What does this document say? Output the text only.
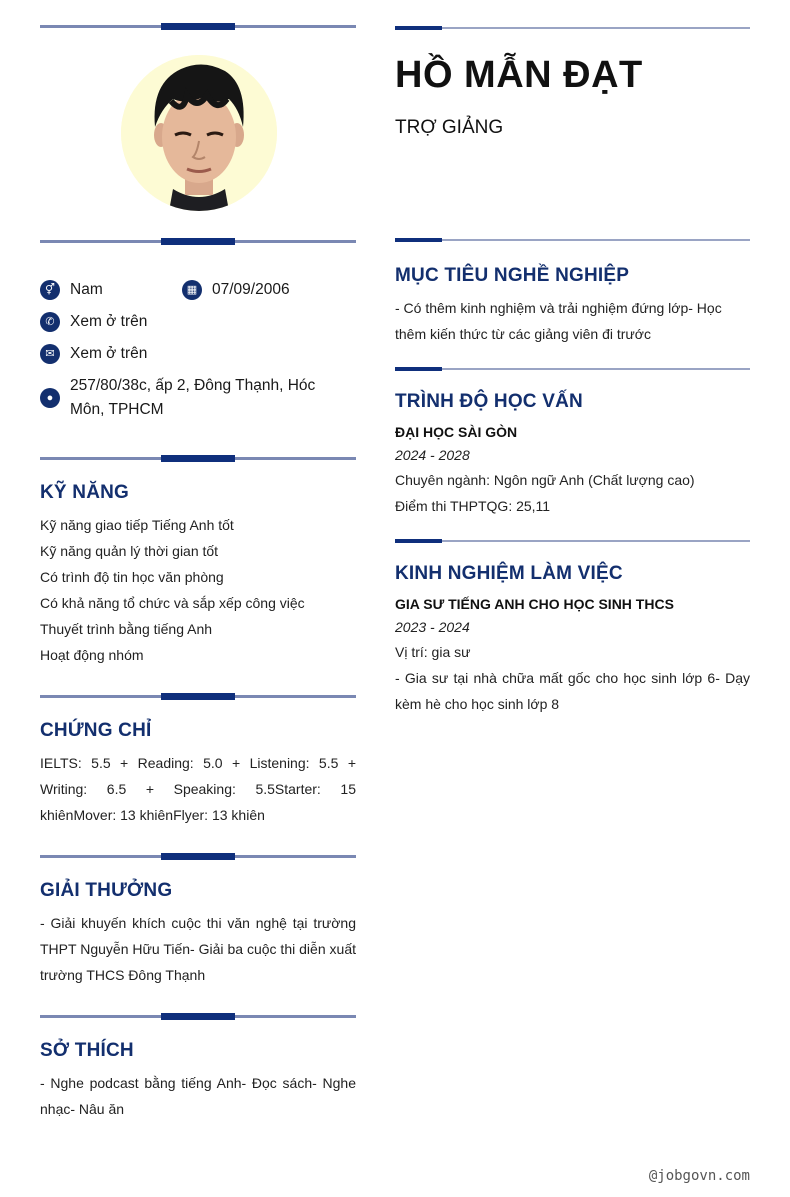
⚥ Nam	▦ 07/09/2006
✆ Xem ở trên
✉ Xem ở trên
●
257/80/38c, ấp 2, Đông Thạnh, Hóc Môn, TPHCM
KỸ NĂNG
Kỹ năng giao tiếp Tiếng Anh tốt
Kỹ năng quản lý thời gian tốt
Có trình độ tin học văn phòng
Có khả năng tổ chức và sắp xếp công việc
Thuyết trình bằng tiếng Anh
Hoạt động nhóm
CHỨNG CHỈ

IELTS: 5.5 + Reading: 5.0 + Listening: 5.5 + Writing: 6.5 + Speaking: 5.5Starter: 15 khiênMover: 13 khiênFlyer: 13 khiên

GIẢI THƯỞNG

- Giải khuyến khích cuộc thi văn nghệ tại trường THPT Nguyễn Hữu Tiến- Giải ba cuộc thi diễn xuất trường THCS Đông Thạnh

SỞ THÍCH

- Nghe podcast bằng tiếng Anh- Đọc sách- Nghe nhạc- Nâu ăn

HỒ MẪN ĐẠT
TRỢ GIẢNG
MỤC TIÊU NGHỀ NGHIỆP

- Có thêm kinh nghiệm và trải nghiệm đứng lớp- Học thêm kiến thức từ các giảng viên đi trước

TRÌNH ĐỘ HỌC VẤN
ĐẠI HỌC SÀI GÒN
2024 - 2028
Chuyên ngành: Ngôn ngữ Anh (Chất lượng cao)
Điểm thi THPTQG: 25,11
KINH NGHIỆM LÀM VIỆC
GIA SƯ TIẾNG ANH CHO HỌC SINH THCS
2023 - 2024
Vị trí: gia sư

- Gia sư tại nhà chữa mất gốc cho học sinh lớp 6- Dạy kèm hè cho học sinh lớp 8

@jobgovn.com
